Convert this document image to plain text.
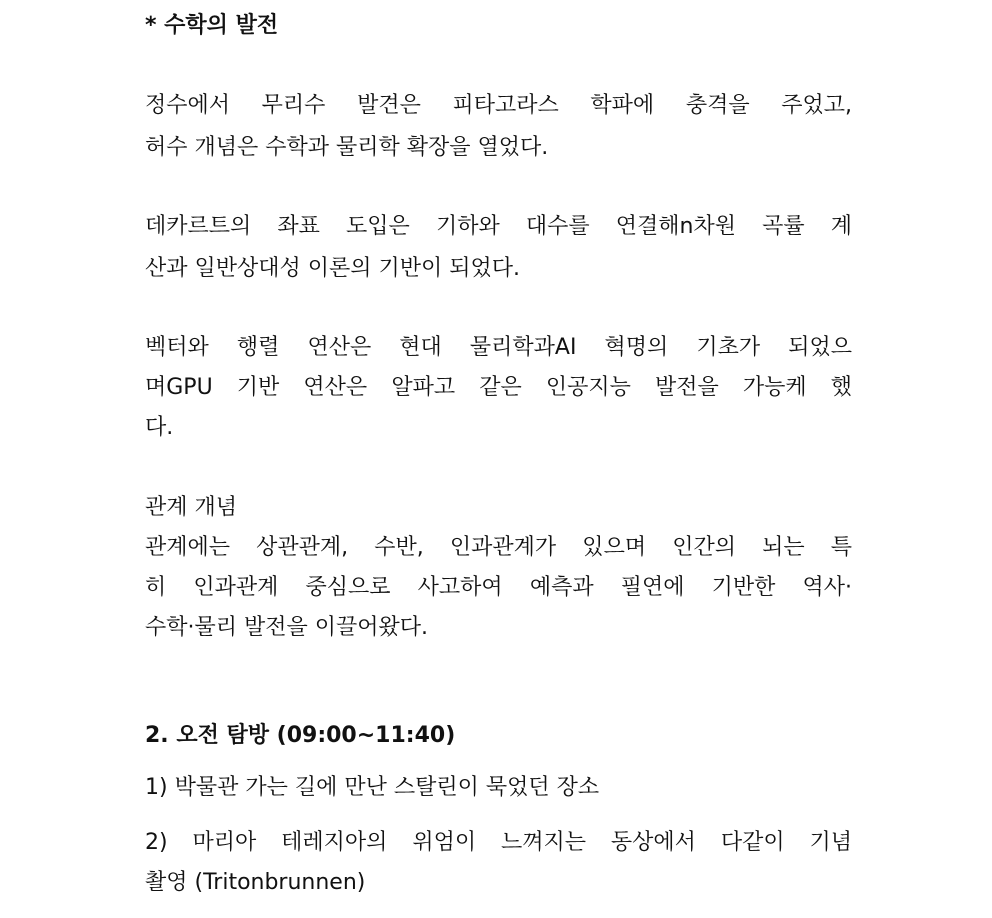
* 수학의 발전
정수에서 무리수 발견은 피타고라스 학파에 충격을 주었고,
허수 개념은 수학과 물리학 확장을 열었다.
데카르트의 좌표 도입은 기하와 대수를 연결해n차원 곡률 계
산과 일반상대성 이론의 기반이 되었다.
벡터와 행렬 연산은 현대 물리학과AI 혁명의 기초가 되었으
며GPU 기반 연산은 알파고 같은 인공지능 발전을 가능케 했
다.
관계 개념
관계에는 상관관계, 수반, 인과관계가 있으며 인간의 뇌는 특
히 인과관계 중심으로 사고하여 예측과 필연에 기반한 역사·
수학·물리 발전을 이끌어왔다.
2. 오전 탐방 (09:00~11:40)
1) 박물관 가는 길에 만난 스탈린이 묵었던 장소
2) 마리아 테레지아의 위엄이 느껴지는 동상에서 다같이 기념
촬영 (Tritonbrunnen)
